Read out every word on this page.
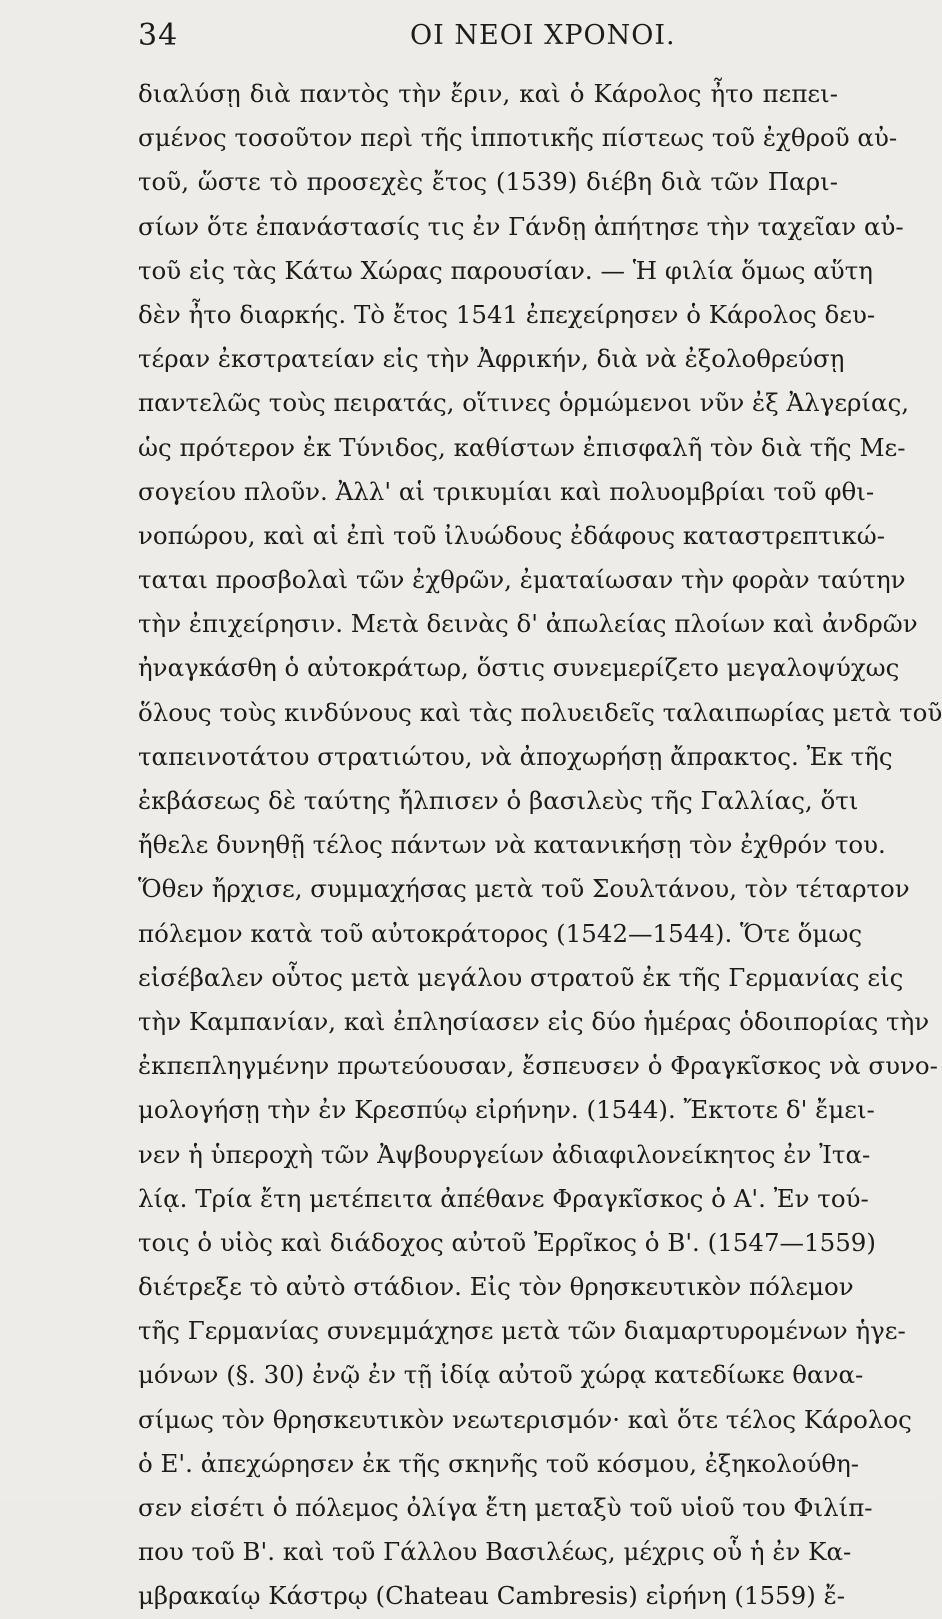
34	ΟΙ ΝΕΟΙ ΧΡΟΝΟΙ.
διαλύσῃ διὰ παντὸς τὴν ἔριν, καὶ ὁ Κάρολος ἦτο πεπει-
σμένος τοσοῦτον περὶ τῆς ἱπποτικῆς πίστεως τοῦ ἐχθροῦ αὐ-
τοῦ, ὥστε τὸ προσεχὲς ἔτος (1539) διέβη διὰ τῶν Παρι-
σίων ὅτε ἐπανάστασίς τις ἐν Γάνδῃ ἀπήτησε τὴν ταχεῖαν αὐ-
τοῦ εἰς τὰς Κάτω Χώρας παρουσίαν. — Ἡ φιλία ὅμως αὕτη
δὲν ἦτο διαρκής. Τὸ ἔτος 1541 ἐπεχείρησεν ὁ Κάρολος δευ-
τέραν ἐκστρατείαν εἰς τὴν Ἀφρικήν, διὰ νὰ ἐξολοθρεύσῃ
παντελῶς τοὺς πειρατάς, οἵτινες ὁρμώμενοι νῦν ἐξ Ἀλγερίας,
ὡς πρότερον ἐκ Τύνιδος, καθίστων ἐπισφαλῆ τὸν διὰ τῆς Με-
σογείου πλοῦν. Ἀλλ' αἱ τρικυμίαι καὶ πολυομβρίαι τοῦ φθι-
νοπώρου, καὶ αἱ ἐπὶ τοῦ ἰλυώδους ἐδάφους καταστρεπτικώ-
ταται προσβολαὶ τῶν ἐχθρῶν, ἐματαίωσαν τὴν φορὰν ταύτην
τὴν ἐπιχείρησιν. Μετὰ δεινὰς δ' ἀπωλείας πλοίων καὶ ἀνδρῶν
ἠναγκάσθη ὁ αὐτοκράτωρ, ὅστις συνεμερίζετο μεγαλοψύχως
ὅλους τοὺς κινδύνους καὶ τὰς πολυειδεῖς ταλαιπωρίας μετὰ τοῦ
ταπεινοτάτου στρατιώτου, νὰ ἀποχωρήσῃ ἄπρακτος. Ἐκ τῆς
ἐκβάσεως δὲ ταύτης ἤλπισεν ὁ βασιλεὺς τῆς Γαλλίας, ὅτι
ἤθελε δυνηθῇ τέλος πάντων νὰ κατανικήσῃ τὸν ἐχθρόν του.
Ὅθεν ἤρχισε, συμμαχήσας μετὰ τοῦ Σουλτάνου, τὸν τέταρτον
πόλεμον κατὰ τοῦ αὐτοκράτορος (1542—1544). Ὅτε ὅμως
εἰσέβαλεν οὗτος μετὰ μεγάλου στρατοῦ ἐκ τῆς Γερμανίας εἰς
τὴν Καμπανίαν, καὶ ἐπλησίασεν εἰς δύο ἡμέρας ὁδοιπορίας τὴν
ἐκπεπληγμένην πρωτεύουσαν, ἔσπευσεν ὁ Φραγκῖσκος νὰ συνο-
μολογήσῃ τὴν ἐν Κρεσπύῳ εἰρήνην. (1544). Ἔκτοτε δ' ἔμει-
νεν ἡ ὑπεροχὴ τῶν Ἀψβουργείων ἀδιαφιλονείκητος ἐν Ἰτα-
λίᾳ. Τρία ἔτη μετέπειτα ἀπέθανε Φραγκῖσκος ὁ Α'. Ἐν τού-
τοις ὁ υἱὸς καὶ διάδοχος αὐτοῦ Ἐρρῖκος ὁ Β'. (1547—1559)
διέτρεξε τὸ αὐτὸ στάδιον. Εἰς τὸν θρησκευτικὸν πόλεμον
τῆς Γερμανίας συνεμμάχησε μετὰ τῶν διαμαρτυρομένων ἡγε-
μόνων (§. 30) ἐνῷ ἐν τῇ ἰδίᾳ αὐτοῦ χώρᾳ κατεδίωκε θανα-
σίμως τὸν θρησκευτικὸν νεωτερισμόν· καὶ ὅτε τέλος Κάρολος
ὁ Ε'. ἀπεχώρησεν ἐκ τῆς σκηνῆς τοῦ κόσμου, ἐξηκολούθη-
σεν εἰσέτι ὁ πόλεμος ὀλίγα ἔτη μεταξὺ τοῦ υἱοῦ του Φιλίπ-
που τοῦ Β'. καὶ τοῦ Γάλλου Βασιλέως, μέχρις οὗ ἡ ἐν Κα-
μβρακαίῳ Κάστρῳ (Chateau Cambresis) εἰρήνη (1559) ἔ-
